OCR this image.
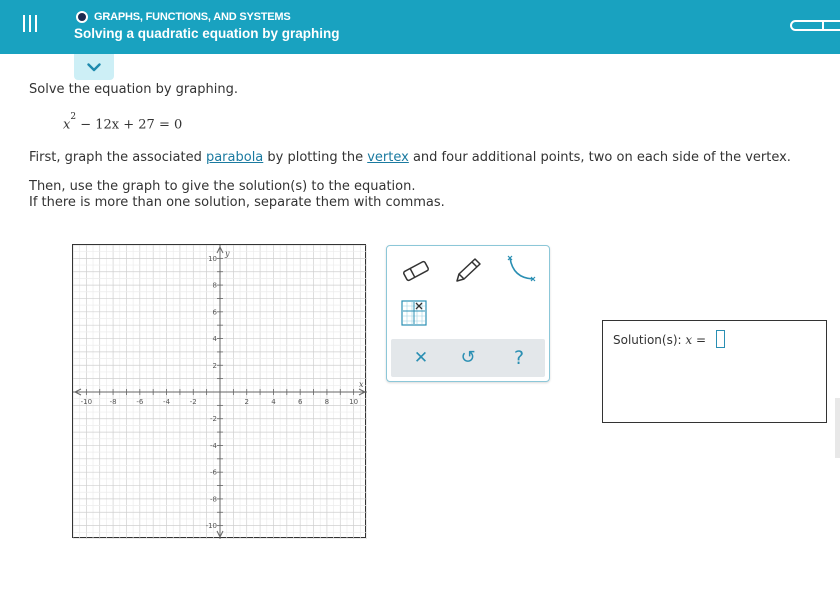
GRAPHS, FUNCTIONS, AND SYSTEMS
Solving a quadratic equation by graphing
Solve the equation by graphing.
$x^2 - 12x + 27 = 0$
First, graph the associated parabola by plotting the vertex and four additional points, two on each side of the vertex.
Then, use the graph to give the solution(s) to the equation.
If there is more than one solution, separate them with commas.
-10	-8	-6	-4	-2	2	4	6	8	10
10
8
6
4
2
-2
-4
-6
-8
-10
x
y
✕	↺	?
Solution(s): x =
